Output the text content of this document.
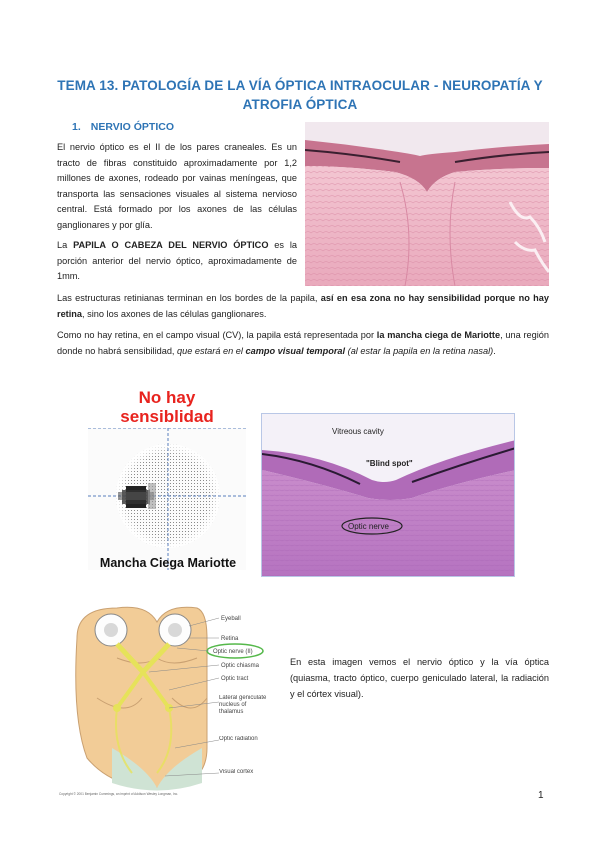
TEMA 13. PATOLOGÍA DE LA VÍA ÓPTICA INTRAOCULAR - NEUROPATÍA Y ATROFIA ÓPTICA
1. NERVIO ÓPTICO
El nervio óptico es el II de los pares craneales. Es un tracto de fibras constituido aproximadamente por 1,2 millones de axones, rodeado por vainas meníngeas, que transporta las sensaciones visuales al sistema nervioso central. Está formado por los axones de las células ganglionares y por glía.
La PAPILA O CABEZA DEL NERVIO ÓPTICO es la porción anterior del nervio óptico, aproximadamente de 1mm.
Las estructuras retinianas terminan en los bordes de la papila, así en esa zona no hay sensibilidad porque no hay retina, sino los axones de las células ganglionares.
Como no hay retina, en el campo visual (CV), la papila está representada por la mancha ciega de Mariotte, una región donde no habrá sensibilidad, que estará en el campo visual temporal (al estar la papila en la retina nasal).
No hay sensiblidad
Mancha Ciega Mariotte
Vitreous cavity
"Blind spot"
Optic nerve
Eyeball
Retina
Optic nerve (II)
Optic chiasma
Optic tract
Lateral geniculate nucleus of thalamus
Optic radiation
Visual cortex
Copyright © 2001 Benjamin Cummings, an imprint of Addison Wesley Longman, Inc.
En esta imagen vemos el nervio óptico y la vía óptica (quiasma, tracto óptico, cuerpo geniculado lateral, la radiación y el córtex visual).
1
